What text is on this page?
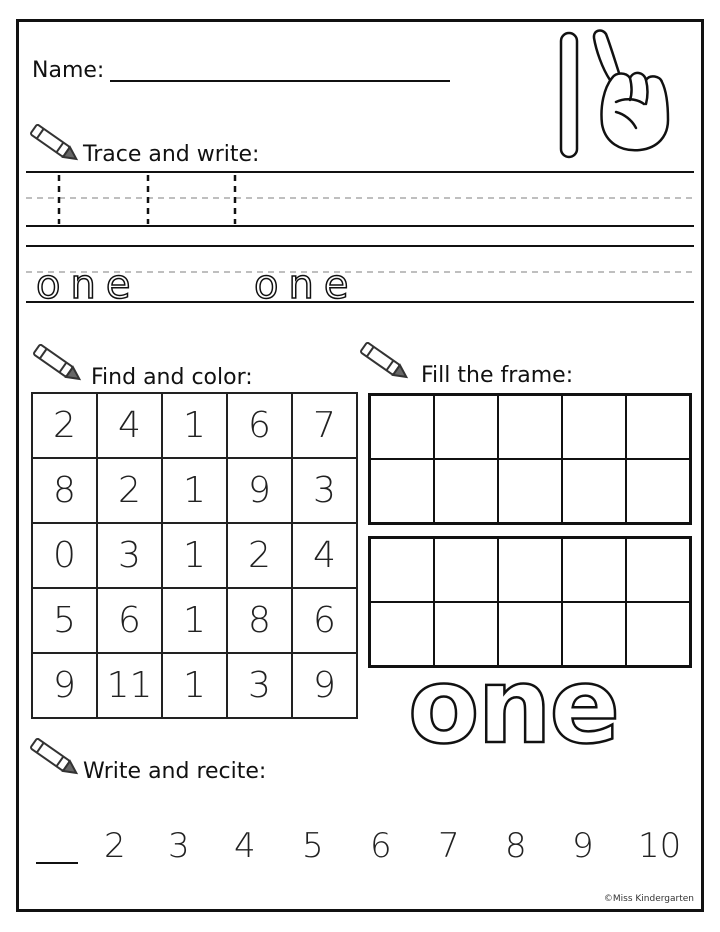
Name:
Trace and write:
one	one
Find and color:
2	4	1	6	7
8	2	1	9	3
0	3	1	2	4
5	6	1	8	6
9	11	1	3	9
Fill the frame:

one
Write and recite:
2 3 4 5 6 7 8 9 10
©Miss Kindergarten
